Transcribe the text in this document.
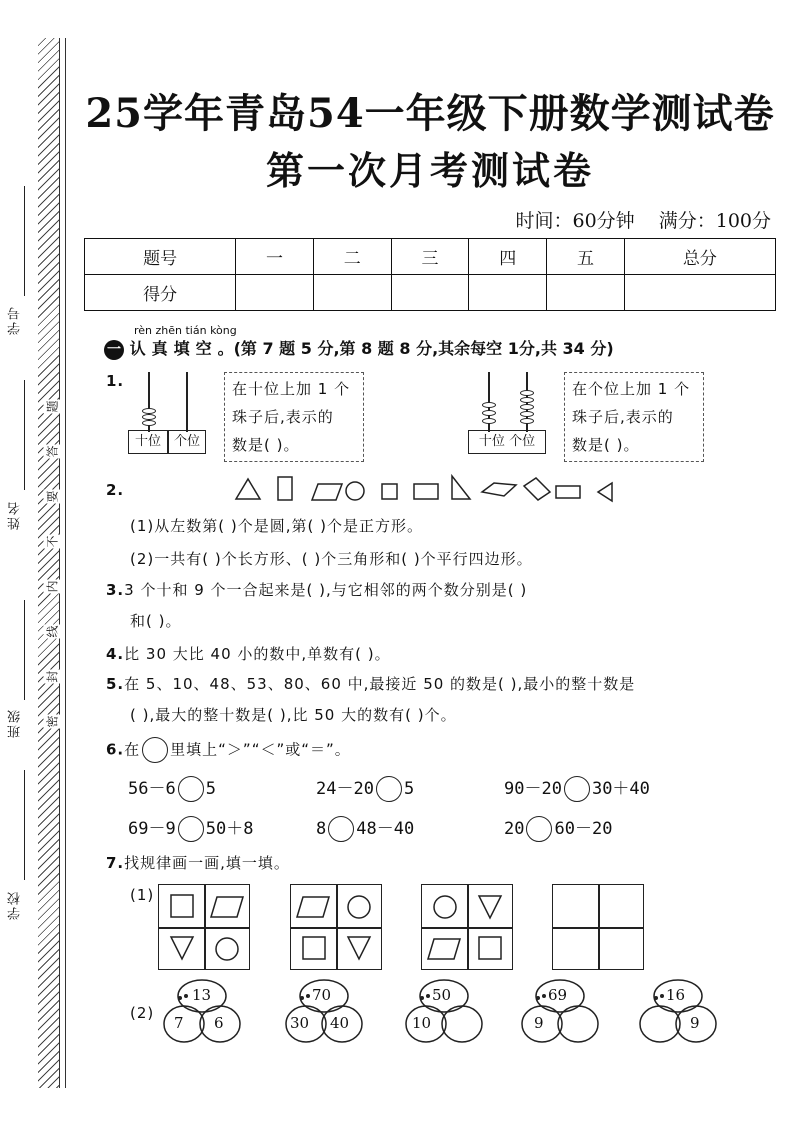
学号
姓名
班级
学校
题
答
要
不
内
线
封
密
25学年青岛54一年级下册数学测试卷
第一次月考测试卷
时间：60分钟 满分：100分
题号	一	二	三	四	五	总分
得分						
rèn zhēn tián kòng
一 认真填空。(第 7 题 5 分,第 8 题 8 分,其余每空 1分,共 34 分)
1.
十位 个位
在十位上加 1 个
珠子后,表示的
数是( )。	十位 个位
在个位上加 1 个
珠子后,表示的
数是( )。
2.
(1)从左数第( )个是圆,第( )个是正方形。
(2)一共有( )个长方形、( )个三角形和( )个平行四边形。
3.3 个十和 9 个一合起来是( ),与它相邻的两个数分别是( )
和( )。
4.比 30 大比 40 小的数中,单数有( )。
5.在 5、10、48、53、80、60 中,最接近 50 的数是( ),最小的整十数是
( ),最大的整十数是( ),比 50 大的数有( )个。
6.在 里填上“＞”“＜”或“＝”。
56－6 5	24－20 5	90－20 30＋40
69－9 50＋8	8 48－40	20 60－20
7.找规律画一画,填一填。
(1)
(2)
13
7 6
70
30 40
50
10
69
9
16
9
